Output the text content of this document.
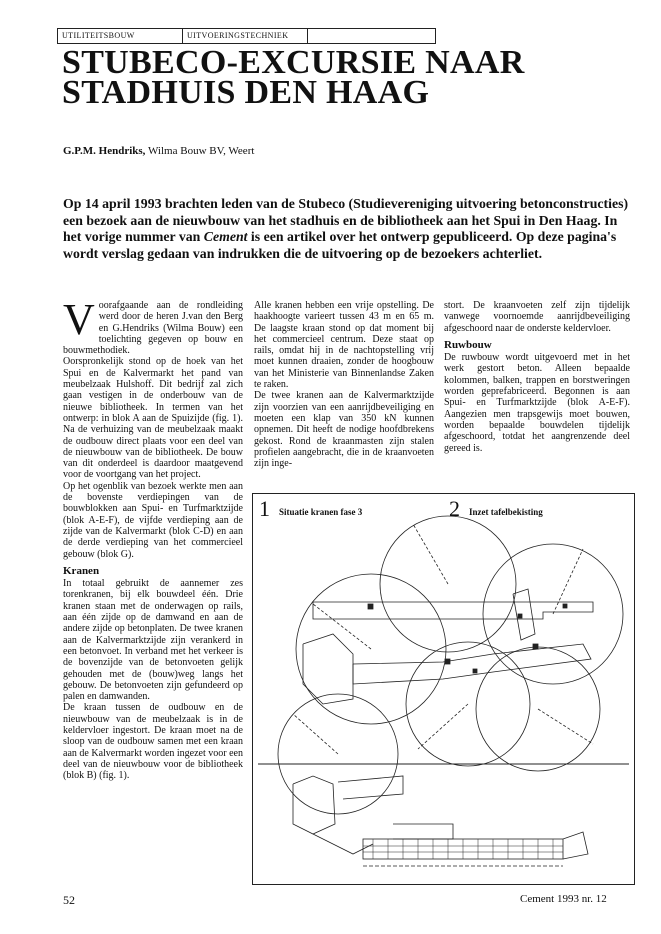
UTILITEITSBOUW	UITVOERINGSTECHNIEK
STUBECO-EXCURSIE NAAR
STADHUIS DEN HAAG
G.P.M. Hendriks, Wilma Bouw BV, Weert
Op 14 april 1993 brachten leden van de Stubeco (Studievereniging uitvoering betonconstructies) een bezoek aan de nieuwbouw van het stadhuis en de bibliotheek aan het Spui in Den Haag. In het vorige nummer van Cement is een artikel over het ontwerp gepubliceerd. Op deze pagina's wordt verslag gedaan van indrukken die de uitvoering op de bezoekers achterliet.

Voorafgaande aan de rondleiding werd door de heren J.van den Berg en G.Hendriks (Wilma Bouw) een toelichting gegeven op bouw en bouwmethodiek.

Oorspronkelijk stond op de hoek van het Spui en de Kalvermarkt het pand van meubelzaak Hulshoff. Dit bedrijf zal zich gaan vestigen in de onderbouw van de nieuwe bibliotheek. In termen van het ontwerp: in blok A aan de Spuizijde (fig. 1). Na de verhuizing van de meubelzaak maakt de oudbouw direct plaats voor een deel van de nieuwbouw van de bibliotheek. De bouw van dit onderdeel is daardoor maatgevend voor de voortgang van het project.

Op het ogenblik van bezoek werkte men aan de bovenste verdiepingen van de bouwblokken aan Spui- en Turfmarktzijde (blok A-E-F), de vijfde verdieping aan de zijde van de Kalvermarkt (blok C-D) en aan de derde verdieping van het commercieel gebouw (blok G).

Kranen

In totaal gebruikt de aannemer zes torenkranen, bij elk bouwdeel één. Drie kranen staan met de onderwagen op rails, aan één zijde op de damwand en aan de andere zijde op betonplaten. De twee kranen aan de Kalvermarktzijde zijn verankerd in een betonvoet. In verband met het verkeer is de bovenzijde van de betonvoeten gelijk gehouden met de (bouw)weg langs het gebouw. De betonvoeten zijn gefundeerd op palen en damwanden.

De kraan tussen de oudbouw en de nieuwbouw van de meubelzaak is in de keldervloer ingestort. De kraan moet na de sloop van de oudbouw samen met een kraan aan de Kalvermarkt worden ingezet voor een deel van de nieuwbouw voor de bibliotheek (blok B) (fig. 1).

Alle kranen hebben een vrije opstelling. De haakhoogte varieert tussen 43 m en 65 m. De laagste kraan stond op dat moment bij het commercieel centrum. Deze staat op rails, omdat hij in de nachtopstelling vrij moet kunnen draaien, zonder de hoogbouw van het Ministerie van Binnenlandse Zaken te raken.

De twee kranen aan de Kalvermarktzijde zijn voorzien van een aanrijdbeveiliging en moeten een klap van 350 kN kunnen opnemen. Dit heeft de nodige hoofdbrekens gekost. Rond de kraanmasten zijn stalen profielen aangebracht, die in de kraanvoeten zijn inge-

stort. De kraanvoeten zelf zijn tijdelijk vanwege voornoemde aanrijdbeveiliging afgeschoord naar de onderste keldervloer.

Ruwbouw

De ruwbouw wordt uitgevoerd met in het werk gestort beton. Alleen bepaalde kolommen, balken, trappen en borstweringen worden geprefabriceerd. Begonnen is aan Spui- en Turfmarktzijde (blok A-E-F). Aangezien men trapsgewijs moet bouwen, worden bepaalde bouwdelen tijdelijk afgeschoord, totdat het aangrenzende deel gereed is.

1 Situatie kranen fase 3	2 Inzet tafelbekisting
52	Cement 1993 nr. 12
